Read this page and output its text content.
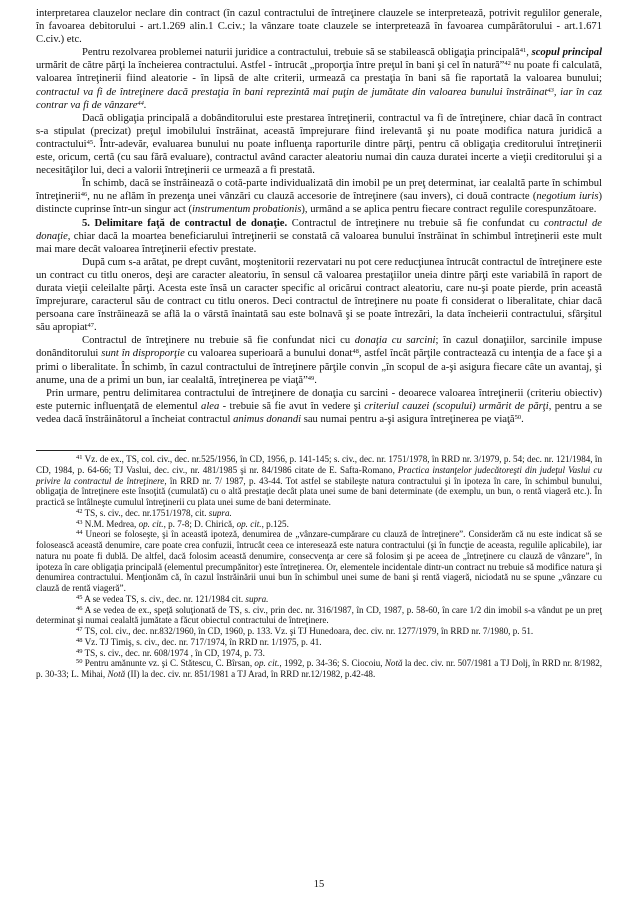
interpretarea clauzelor neclare din contract (în cazul contractului de întreţinere clauzele se interpretează, potrivit regulilor generale, în favoarea debitorului - art.1.269 alin.1 C.civ.; la vânzare toate clauzele se interpretează în favoarea cumpărătorului - art.1.671 C.civ.) etc.

Pentru rezolvarea problemei naturii juridice a contractului, trebuie să se stabilească obligaţia principală$^{41}$, scopul principal urmărit de către părţi la încheierea contractului. Astfel - întrucât „proporţia între preţul în bani şi cel în natură”$^{42}$ nu poate fi calculată, valoarea întreţinerii fiind aleatorie - în lipsă de alte criterii, urmează ca prestaţia în bani să fie raportată la valoarea bunului; contractul va fi de întreţinere dacă prestaţia în bani reprezintă mai puţin de jumătate din valoarea bunului înstrăinat$^{43}$, iar în caz contrar va fi de vânzare$^{44}$.

Dacă obligaţia principală a dobânditorului este prestarea întreţinerii, contractul va fi de întreţinere, chiar dacă în contract s-a stipulat (precizat) preţul imobilului înstrăinat, această împrejurare fiind irelevantă şi nu poate modifica natura juridică a contractului$^{45}$. Într-adevăr, evaluarea bunului nu poate influenţa raporturile dintre părţi, pentru că obligaţia creditorului întreţinerii este, oricum, certă (cu sau fără evaluare), contractul având caracter aleatoriu numai din cauza duratei incerte a vieţii creditorului şi a necesităţilor lui, deci a valorii întreţinerii ce urmează a fi prestată.

În schimb, dacă se înstrăinează o cotă-parte individualizată din imobil pe un preţ determinat, iar cealaltă parte în schimbul întreţinerii$^{46}$, nu ne aflăm în prezenţa unei vânzări cu clauză accesorie de întreţinere (sau invers), ci două contracte (negotium iuris) distincte cuprinse într-un singur act (instrumentum probationis), urmând a se aplica pentru fiecare contract regulile corespunzătoare.

5. Delimitare faţă de contractul de donaţie. Contractul de întreţinere nu trebuie să fie confundat cu contractul de donaţie, chiar dacă la moartea beneficiarului întreţinerii se constată că valoarea bunului înstrăinat în schimbul întreţinerii este mult mai mare decât valoarea întreţinerii efectiv prestate.

După cum s-a arătat, pe drept cuvânt, moştenitorii rezervatari nu pot cere reducţiunea întrucât contractul de întreţinere este un contract cu titlu oneros, deşi are caracter aleatoriu, în sensul că valoarea prestaţiilor uneia dintre părţi este variabilă în raport de durata vieţii celeilalte părţi. Acesta este însă un caracter specific al oricărui contract aleatoriu, care nu-şi poate pierde, prin această împrejurare, caracterul său de contract cu titlu oneros. Deci contractul de întreţinere nu poate fi considerat o liberalitate, chiar dacă persoana care înstrăinează se află la o vârstă înaintată sau este bolnavă şi se poate întrezări, la data încheierii contractului, sfârşitul său apropiat$^{47}$.

Contractul de întreţinere nu trebuie să fie confundat nici cu donaţia cu sarcini; în cazul donaţiilor, sarcinile impuse donânditorului sunt în disproporţie cu valoarea superioară a bunului donat$^{48}$, astfel încât părţile contractează cu intenţia de a face şi a primi o liberalitate. În schimb, în cazul contractului de întreţinere părţile convin „în scopul de a-şi asigura fiecare câte un avantaj, şi anume, una de a primi un bun, iar cealaltă, întreţinerea pe viaţă”$^{49}$.

Prin urmare, pentru delimitarea contractului de întreţinere de donaţia cu sarcini - deoarece valoarea întreţinerii (criteriu obiectiv) este puternic influenţată de elementul alea - trebuie să fie avut în vedere şi criteriul cauzei (scopului) urmărit de părţi, pentru a se vedea dacă înstrăinătorul a încheiat contractul animus donandi sau numai pentru a-şi asigura întreţinerea pe viaţă$^{50}$.

$^{41}$ Vz. de ex., TS, col. civ., dec. nr.525/1956, în CD, 1956, p. 141-145; s. civ., dec. nr. 1751/1978, în RRD nr. 3/1979, p. 54; dec. nr. 121/1984, în CD, 1984, p. 64-66; TJ Vaslui, dec. civ., nr. 481/1985 şi nr. 84/1986 citate de E. Safta-Romano, Practica instanţelor judecătoreşti din judeţul Vaslui cu privire la contractul de întreţinere, în RRD nr. 7/ 1987, p. 43-44. Tot astfel se stabileşte natura contractului şi în ipoteza în care, în schimbul bunului, obligaţia de întreţinere este însoţită (cumulată) cu o altă prestaţie decât plata unei sume de bani determinate (de exemplu, un bun, o rentă viageră etc.). În practică se întâlneşte cumulul întreţinerii cu plata unei sume de bani determinate.

$^{42}$ TS, s. civ., dec. nr.1751/1978, cit. supra.

$^{43}$ N.M. Medrea, op. cit., p. 7-8; D. Chirică, op. cit., p.125.

$^{44}$ Uneori se foloseşte, şi în această ipoteză, denumirea de „vânzare-cumpărare cu clauză de întreţinere”. Considerăm că nu este indicat să se folosească această denumire, care poate crea confuzii, întrucât ceea ce interesează este natura contractului (şi în funcţie de aceasta, regulile aplicabile), iar natura nu poate fi dublă. De altfel, dacă folosim această denumire, consecvenţa ar cere să folosim şi pe aceea de „întreţinere cu clauză de vânzare”, în ipoteza în care obligaţia principală (elementul precumpănitor) este întreţinerea. Or, elementele incidentale dintr-un contract nu trebuie să modifice natura şi denumirea contractului. Menţionăm că, în cazul înstrăinării unui bun în schimbul unei sume de bani şi rentă viageră, niciodată nu se spune „vânzare cu clauză de rentă viageră”.

$^{45}$ A se vedea TS, s. civ., dec. nr. 121/1984 cit. supra.

$^{46}$ A se vedea de ex., speţă soluţionată de TS, s. civ., prin dec. nr. 316/1987, în CD, 1987, p. 58-60, în care 1/2 din imobil s-a vândut pe un preţ determinat şi numai cealaltă jumătate a făcut obiectul contractului de întreţinere.

$^{47}$ TS, col. civ., dec. nr.832/1960, în CD, 1960, p. 133. Vz. şi TJ Hunedoara, dec. civ. nr. 1277/1979, în RRD nr. 7/1980, p. 51.

$^{48}$ Vz. TJ Timiş, s. civ., dec. nr. 717/1974, în RRD nr. 1/1975, p. 41.

$^{49}$ TS, s. civ., dec. nr. 608/1974 , în CD, 1974, p. 73.

$^{50}$ Pentru amănunte vz. şi C. Stătescu, C. Bîrsan, op. cit., 1992, p. 34-36; S. Ciocoiu, Notă la dec. civ. nr. 507/1981 a TJ Dolj, în RRD nr. 8/1982, p. 30-33; L. Mihai, Notă (II) la dec. civ. nr. 851/1981 a TJ Arad, în RRD nr.12/1982, p.42-48.

15
